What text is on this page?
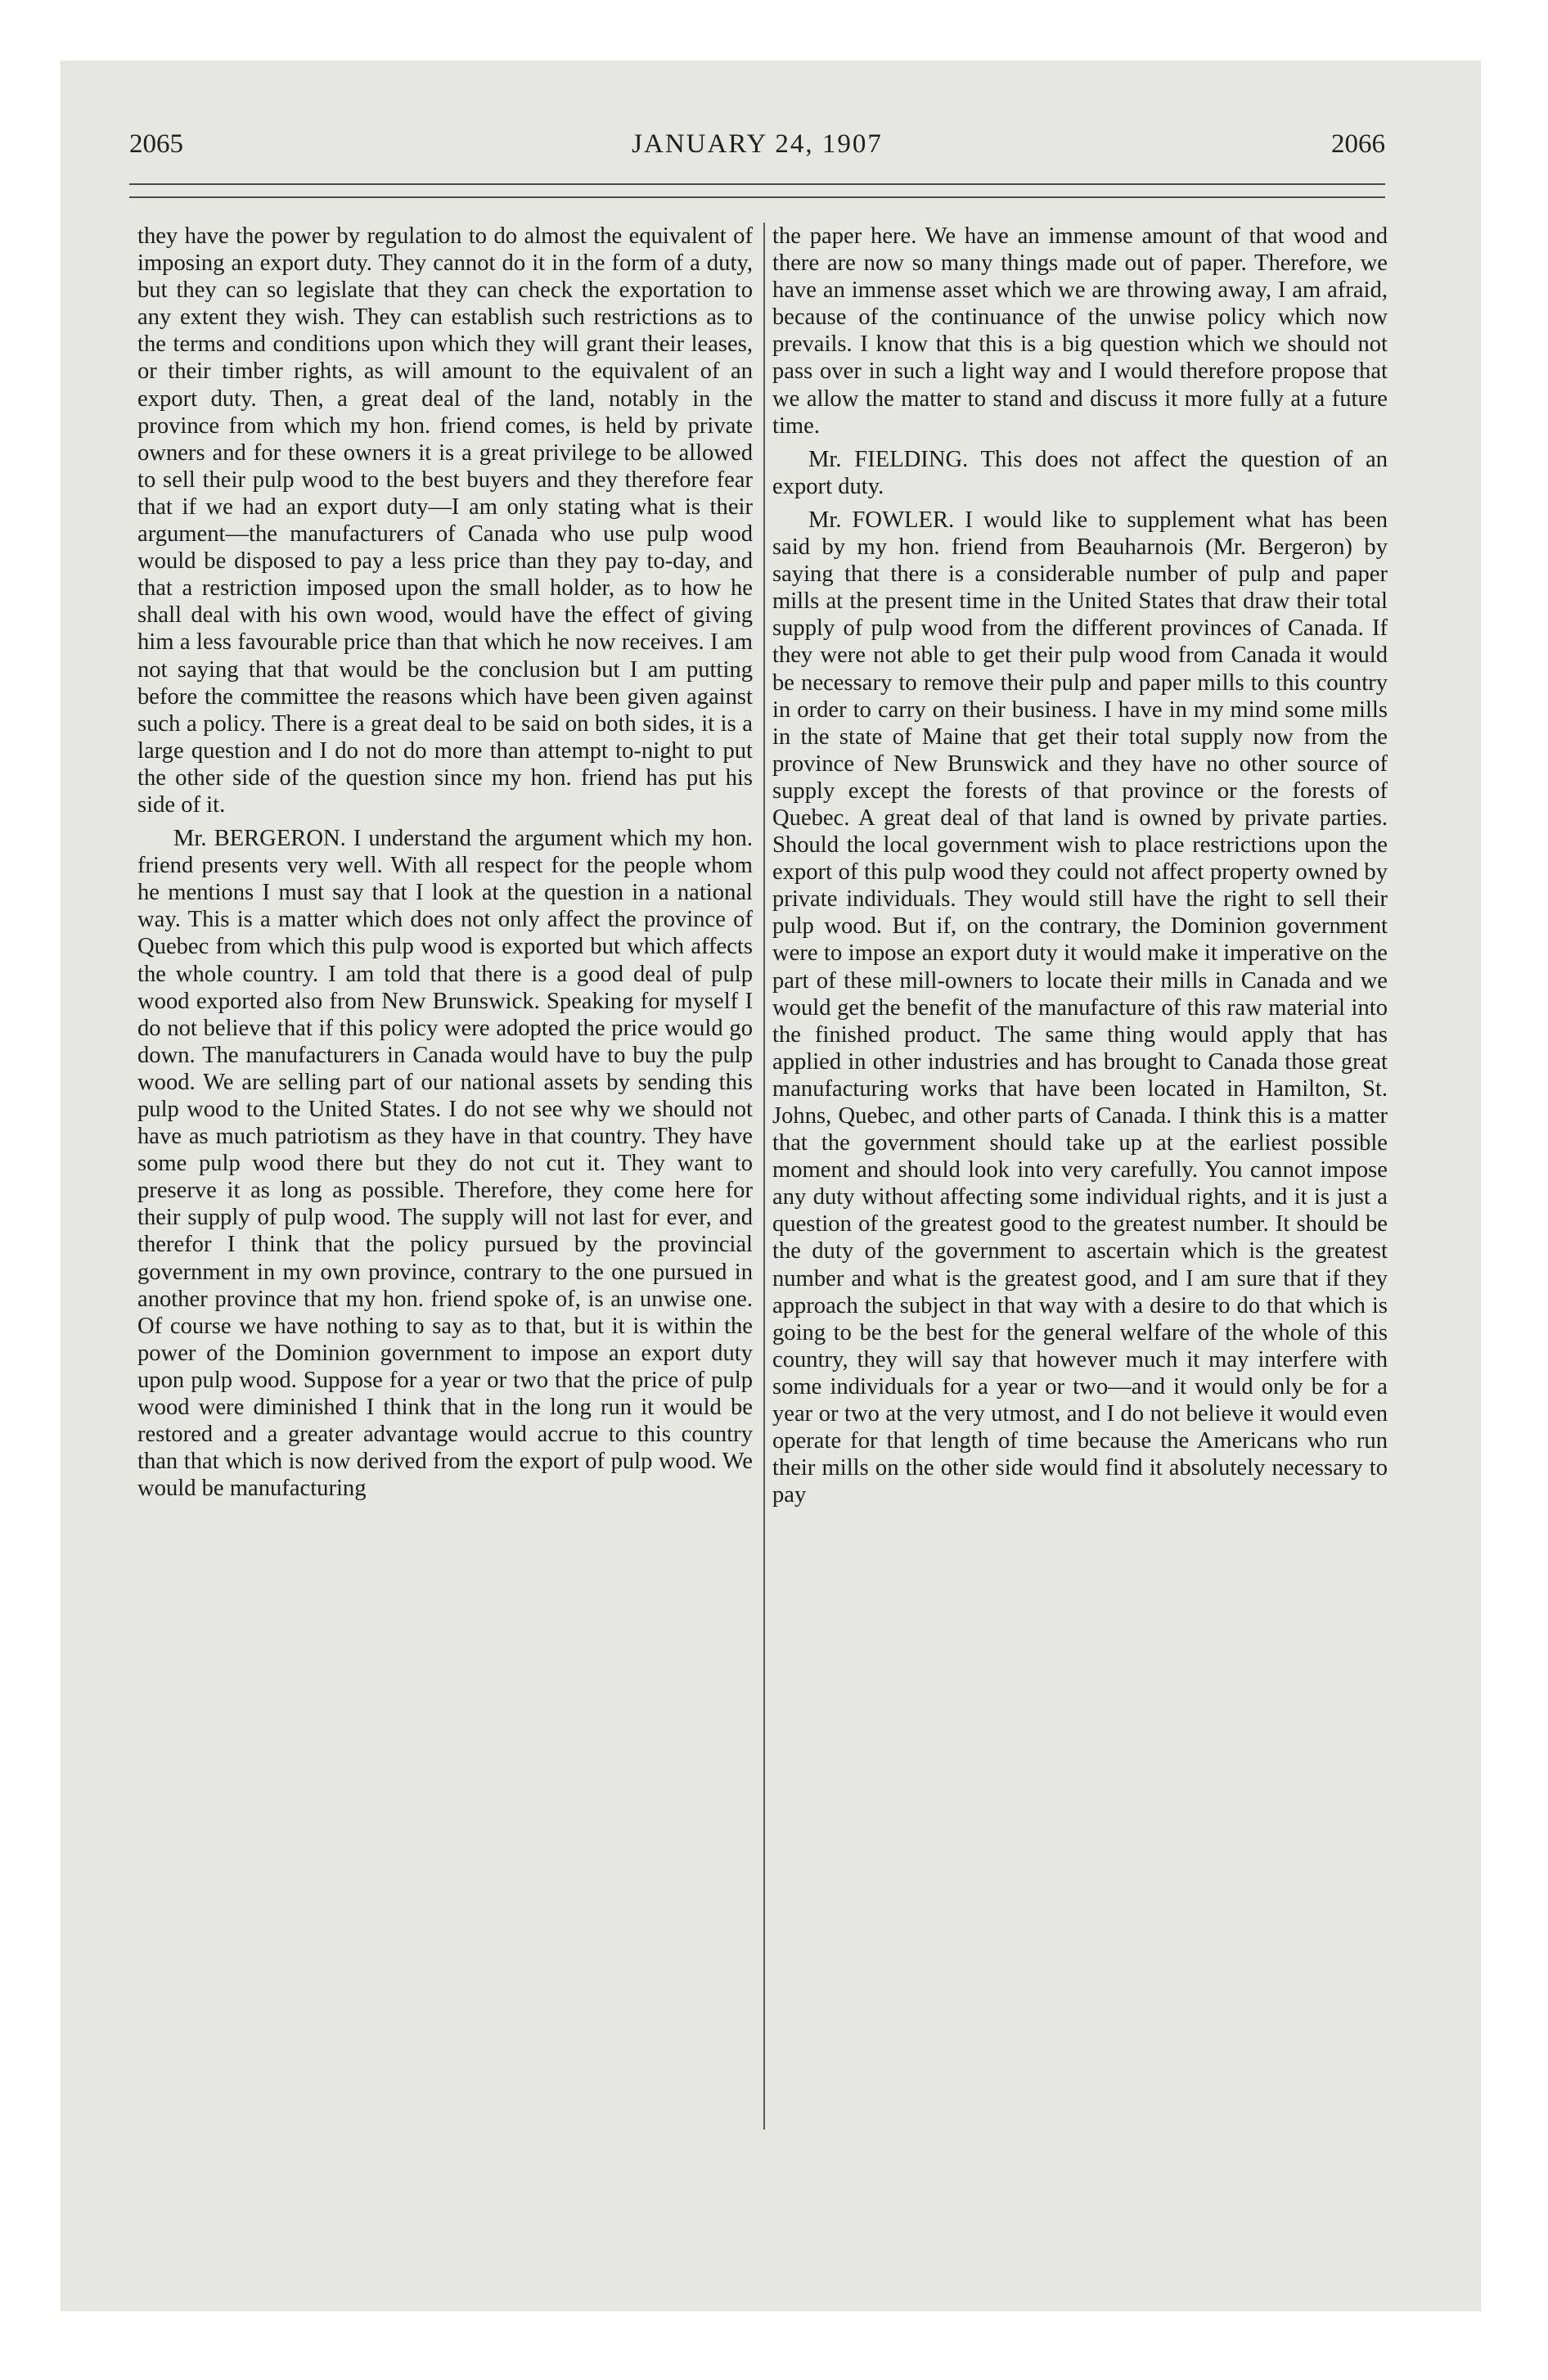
2065	JANUARY 24, 1907	2066

they have the power by regulation to do almost the equivalent of imposing an export duty. They cannot do it in the form of a duty, but they can so legislate that they can check the exportation to any extent they wish. They can establish such restrictions as to the terms and conditions upon which they will grant their leases, or their timber rights, as will amount to the equivalent of an export duty. Then, a great deal of the land, notably in the province from which my hon. friend comes, is held by private owners and for these owners it is a great privilege to be allowed to sell their pulp wood to the best buyers and they therefore fear that if we had an export duty—I am only stating what is their argument—the manufacturers of Canada who use pulp wood would be disposed to pay a less price than they pay to-day, and that a restriction imposed upon the small holder, as to how he shall deal with his own wood, would have the effect of giving him a less favourable price than that which he now receives. I am not saying that that would be the conclusion but I am putting before the committee the reasons which have been given against such a policy. There is a great deal to be said on both sides, it is a large question and I do not do more than attempt to-night to put the other side of the question since my hon. friend has put his side of it.

Mr. BERGERON. I understand the argument which my hon. friend presents very well. With all respect for the people whom he mentions I must say that I look at the question in a national way. This is a matter which does not only affect the province of Quebec from which this pulp wood is exported but which affects the whole country. I am told that there is a good deal of pulp wood exported also from New Brunswick. Speaking for myself I do not believe that if this policy were adopted the price would go down. The manufacturers in Canada would have to buy the pulp wood. We are selling part of our national assets by sending this pulp wood to the United States. I do not see why we should not have as much patriotism as they have in that country. They have some pulp wood there but they do not cut it. They want to preserve it as long as possible. Therefore, they come here for their supply of pulp wood. The supply will not last for ever, and therefor I think that the policy pursued by the provincial government in my own province, contrary to the one pursued in another province that my hon. friend spoke of, is an unwise one. Of course we have nothing to say as to that, but it is within the power of the Dominion government to impose an export duty upon pulp wood. Suppose for a year or two that the price of pulp wood were diminished I think that in the long run it would be restored and a greater advantage would accrue to this country than that which is now derived from the export of pulp wood. We would be manufacturing

the paper here. We have an immense amount of that wood and there are now so many things made out of paper. Therefore, we have an immense asset which we are throwing away, I am afraid, because of the continuance of the unwise policy which now prevails. I know that this is a big question which we should not pass over in such a light way and I would therefore propose that we allow the matter to stand and discuss it more fully at a future time.

Mr. FIELDING. This does not affect the question of an export duty.

Mr. FOWLER. I would like to supplement what has been said by my hon. friend from Beauharnois (Mr. Bergeron) by saying that there is a considerable number of pulp and paper mills at the present time in the United States that draw their total supply of pulp wood from the different provinces of Canada. If they were not able to get their pulp wood from Canada it would be necessary to remove their pulp and paper mills to this country in order to carry on their business. I have in my mind some mills in the state of Maine that get their total supply now from the province of New Brunswick and they have no other source of supply except the forests of that province or the forests of Quebec. A great deal of that land is owned by private parties. Should the local government wish to place restrictions upon the export of this pulp wood they could not affect property owned by private individuals. They would still have the right to sell their pulp wood. But if, on the contrary, the Dominion government were to impose an export duty it would make it imperative on the part of these mill-owners to locate their mills in Canada and we would get the benefit of the manufacture of this raw material into the finished product. The same thing would apply that has applied in other industries and has brought to Canada those great manufacturing works that have been located in Hamilton, St. Johns, Quebec, and other parts of Canada. I think this is a matter that the government should take up at the earliest possible moment and should look into very carefully. You cannot impose any duty without affecting some individual rights, and it is just a question of the greatest good to the greatest number. It should be the duty of the government to ascertain which is the greatest number and what is the greatest good, and I am sure that if they approach the subject in that way with a desire to do that which is going to be the best for the general welfare of the whole of this country, they will say that however much it may interfere with some individuals for a year or two—and it would only be for a year or two at the very utmost, and I do not believe it would even operate for that length of time because the Americans who run their mills on the other side would find it absolutely necessary to pay
